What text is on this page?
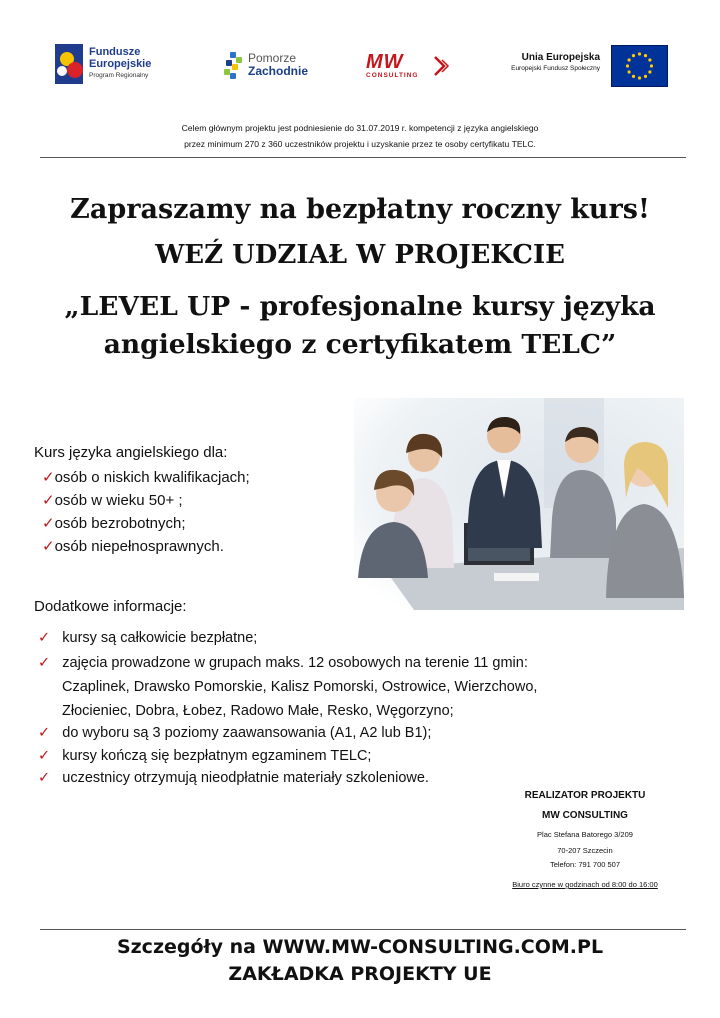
Fundusze
Europejskie
Program Regionalny
Pomorze
Zachodnie	MW
CONSULTING
Unia Europejska
Europejski Fundusz Społeczny
Celem głównym projektu jest podniesienie do 31.07.2019 r. kompetencji z języka angielskiego
przez minimum 270 z 360 uczestników projektu i uzyskanie przez te osoby certyfikatu TELC.
Zapraszamy na bezpłatny roczny kurs!
WEŹ UDZIAŁ W PROJEKCIE
„LEVEL UP - profesjonalne kursy języka
angielskiego z certyfikatem TELC”
Kurs języka angielskiego dla:
✓osób o niskich kwalifikacjach;
✓osób w wieku 50+ ;
✓osób bezrobotnych;
✓osób niepełnosprawnych.
Dodatkowe informacje:
✓ kursy są całkowicie bezpłatne;
✓ zajęcia prowadzone w grupach maks. 12 osobowych na terenie 11 gmin:
Czaplinek, Drawsko Pomorskie, Kalisz Pomorski, Ostrowice, Wierzchowo,
Złocieniec, Dobra, Łobez, Radowo Małe, Resko, Węgorzyno;
✓ do wyboru są 3 poziomy zaawansowania (A1, A2 lub B1);
✓ kursy kończą się bezpłatnym egzaminem TELC;
✓ uczestnicy otrzymują nieodpłatnie materiały szkoleniowe.
REALIZATOR PROJEKTU
MW CONSULTING
Plac Stefana Batorego 3/209
70-207 Szczecin
Telefon: 791 700 507
Biuro czynne w godzinach od 8:00 do 16:00
Szczegóły na WWW.MW-CONSULTING.COM.PL
ZAKŁADKA PROJEKTY UE
